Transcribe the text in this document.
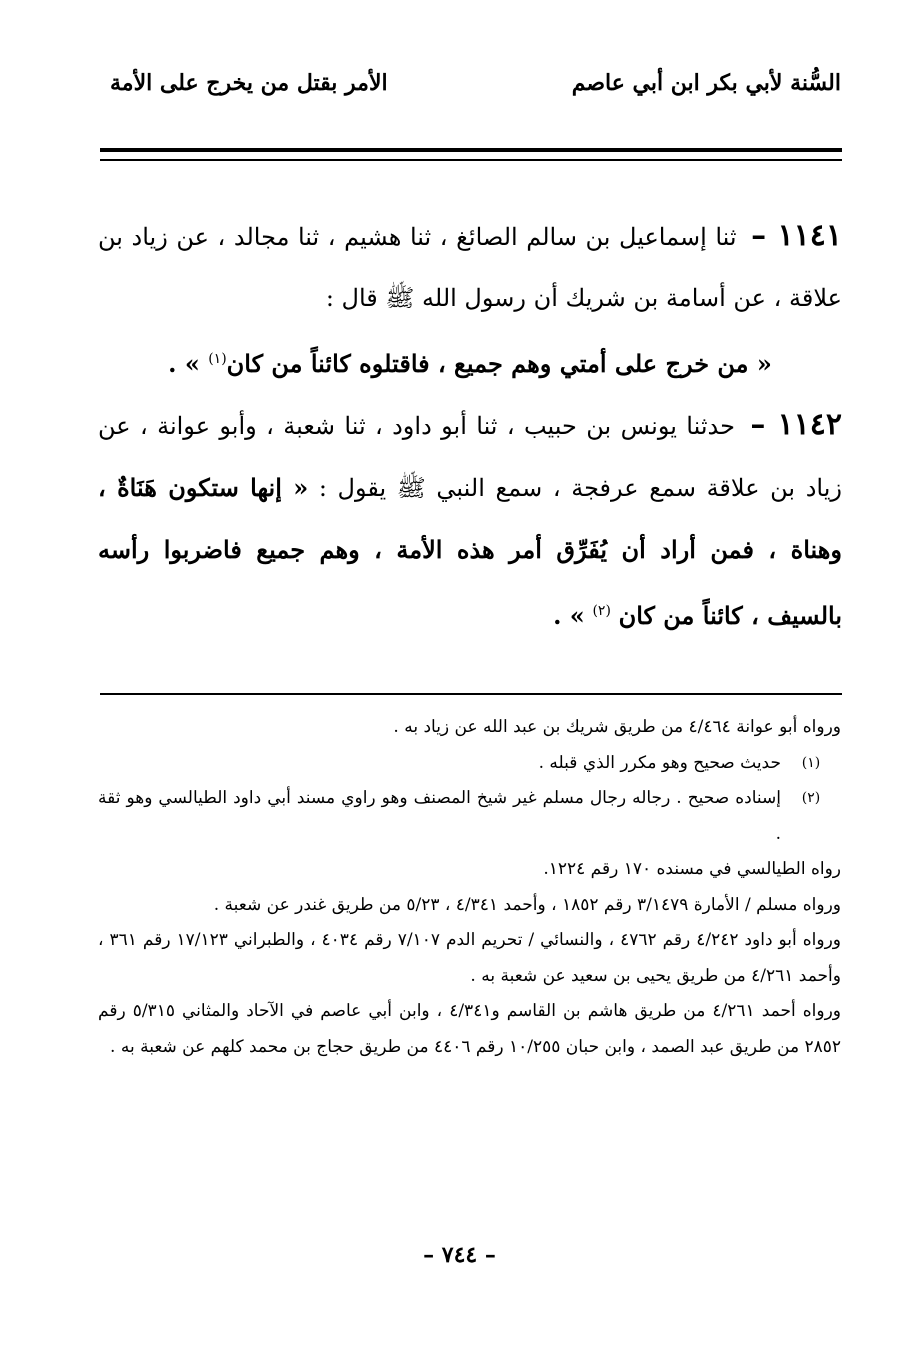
السُّنة لأبي بكر ابن أبي عاصم
الأمر بقتل من يخرج على الأمة
١١٤١ – ثنا إسماعيل بن سالم الصائغ ، ثنا هشيم ، ثنا مجالد ، عن زياد بن علاقة ، عن أسامة بن شريك أن رسول الله ﷺ قال :
« من خرج على أمتي وهم جميع ، فاقتلوه كائناً من كان$^{(١)}$ » .
١١٤٢ – حدثنا يونس بن حبيب ، ثنا أبو داود ، ثنا شعبة ، وأبو عوانة ، عن زياد بن علاقة سمع عرفجة ، سمع النبي ﷺ يقول : « إنها ستكون هَنَاةٌ ، وهناة ، فمن أراد أن يُفَرِّق أمر هذه الأمة ، وهم جميع فاضربوا رأسه بالسيف ، كائناً من كان $^{(٢)}$ » .
ورواه أبو عوانة ٤/٤٦٤ من طريق شريك بن عبد الله عن زياد به .
(١)
حديث صحيح وهو مكرر الذي قبله .
(٢)
إسناده صحيح . رجاله رجال مسلم غير شيخ المصنف وهو راوي مسند أبي داود الطيالسي وهو ثقة .
رواه الطيالسي في مسنده ١٧٠ رقم ١٢٢٤.
ورواه مسلم / الأمارة ٣/١٤٧٩ رقم ١٨٥٢ ، وأحمد ٤/٣٤١ ، ٥/٢٣ من طريق غندر عن شعبة .
ورواه أبو داود ٤/٢٤٢ رقم ٤٧٦٢ ، والنسائي / تحريم الدم ٧/١٠٧ رقم ٤٠٣٤ ، والطبراني ١٧/١٢٣ رقم ٣٦١ ، وأحمد ٤/٢٦١ من طريق يحيى بن سعيد عن شعبة به .
ورواه أحمد ٤/٢٦١ من طريق هاشم بن القاسم و٤/٣٤١ ، وابن أبي عاصم في الآحاد والمثاني ٥/٣١٥ رقم ٢٨٥٢ من طريق عبد الصمد ، وابن حبان ١٠/٢٥٥ رقم ٤٤٠٦ من طريق حجاج بن محمد كلهم عن شعبة به .
– ٧٤٤ –
